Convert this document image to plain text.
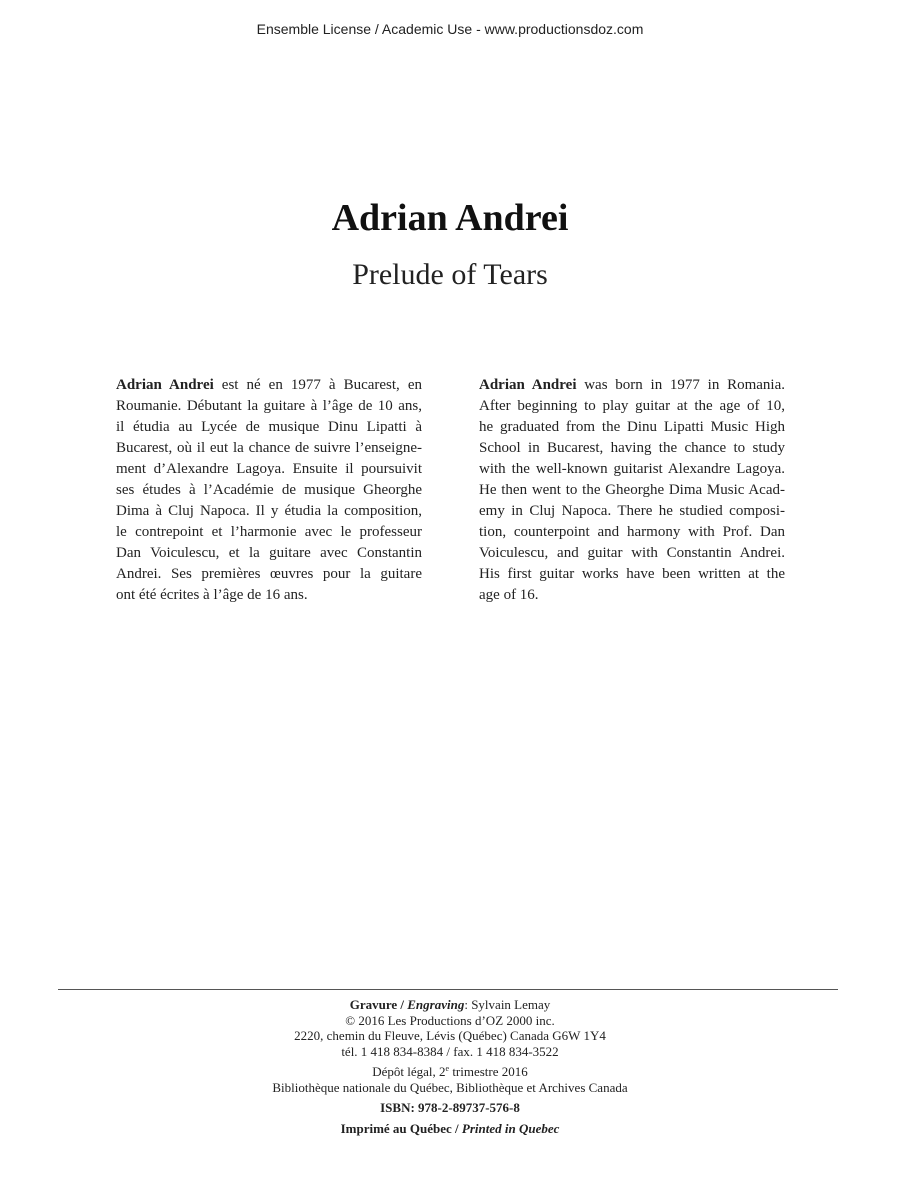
Ensemble License / Academic Use - www.productionsdoz.com
Adrian Andrei
Prelude of Tears
Adrian Andrei est né en 1977 à Bucarest, en
Roumanie. Débutant la guitare à l’âge de 10 ans,
il étudia au Lycée de musique Dinu Lipatti à
Bucarest, où il eut la chance de suivre l’enseigne-
ment d’Alexandre Lagoya. Ensuite il poursuivit
ses études à l’Académie de musique Gheorghe
Dima à Cluj Napoca. Il y étudia la composition,
le contrepoint et l’harmonie avec le professeur
Dan Voiculescu, et la guitare avec Constantin
Andrei. Ses premières œuvres pour la guitare
ont été écrites à l’âge de 16 ans.
Adrian Andrei was born in 1977 in Romania.
After beginning to play guitar at the age of 10,
he graduated from the Dinu Lipatti Music High
School in Bucarest, having the chance to study
with the well-known guitarist Alexandre Lagoya.
He then went to the Gheorghe Dima Music Acad-
emy in Cluj Napoca. There he studied composi-
tion, counterpoint and harmony with Prof. Dan
Voiculescu, and guitar with Constantin Andrei.
His first guitar works have been written at the
age of 16.
Gravure / Engraving: Sylvain Lemay
© 2016 Les Productions d’OZ 2000 inc.
2220, chemin du Fleuve, Lévis (Québec) Canada G6W 1Y4
tél. 1 418 834-8384 / fax. 1 418 834-3522
Dépôt légal, 2e trimestre 2016
Bibliothèque nationale du Québec, Bibliothèque et Archives Canada
ISBN: 978-2-89737-576-8
Imprimé au Québec / Printed in Quebec
